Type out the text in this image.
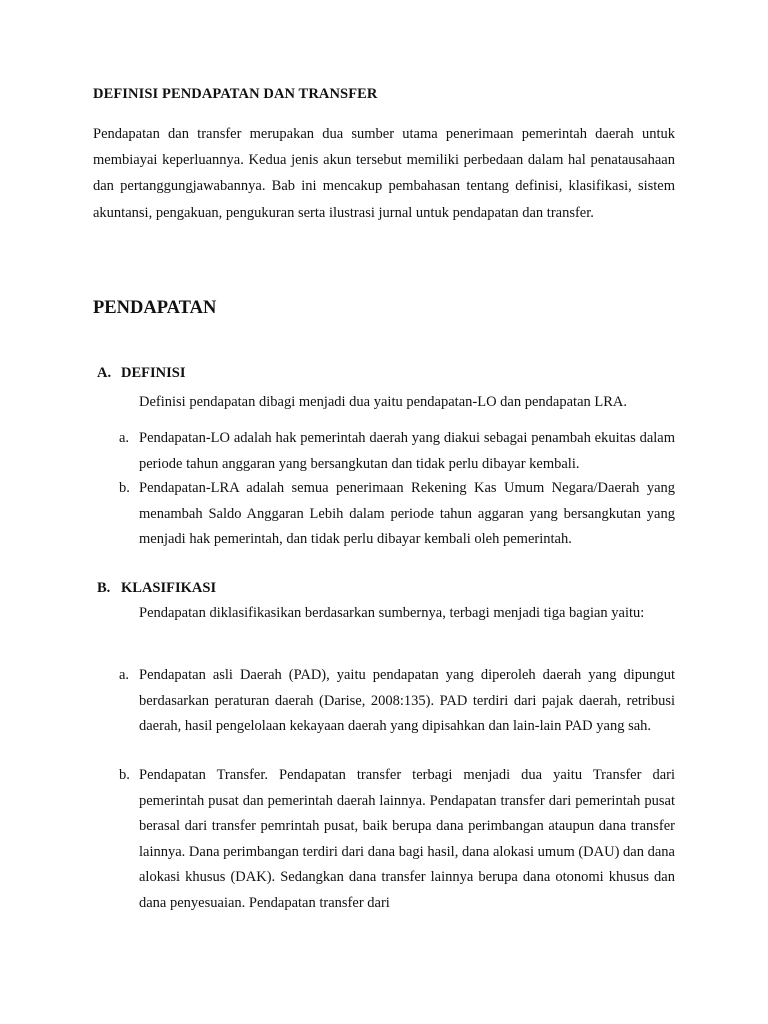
DEFINISI PENDAPATAN DAN TRANSFER

Pendapatan dan transfer merupakan dua sumber utama penerimaan pemerintah daerah untuk membiayai keperluannya. Kedua jenis akun tersebut memiliki perbedaan dalam hal penatausahaan dan pertanggungjawabannya. Bab ini mencakup pembahasan tentang definisi, klasifikasi, sistem akuntansi, pengakuan, pengukuran serta ilustrasi jurnal untuk pendapatan dan transfer.

PENDAPATAN
A. DEFINISI

Definisi pendapatan dibagi menjadi dua yaitu pendapatan-LO dan pendapatan LRA.

a. Pendapatan-LO adalah hak pemerintah daerah yang diakui sebagai penambah ekuitas dalam periode tahun anggaran yang bersangkutan dan tidak perlu dibayar kembali.
b. Pendapatan-LRA adalah semua penerimaan Rekening Kas Umum Negara/Daerah yang menambah Saldo Anggaran Lebih dalam periode tahun aggaran yang bersangkutan yang menjadi hak pemerintah, dan tidak perlu dibayar kembali oleh pemerintah.
B. KLASIFIKASI

Pendapatan diklasifikasikan berdasarkan sumbernya, terbagi menjadi tiga bagian yaitu:

a. Pendapatan asli Daerah (PAD), yaitu pendapatan yang diperoleh daerah yang dipungut berdasarkan peraturan daerah (Darise, 2008:135). PAD terdiri dari pajak daerah, retribusi daerah, hasil pengelolaan kekayaan daerah yang dipisahkan dan lain-lain PAD yang sah.
b. Pendapatan Transfer. Pendapatan transfer terbagi menjadi dua yaitu Transfer dari pemerintah pusat dan pemerintah daerah lainnya. Pendapatan transfer dari pemerintah pusat berasal dari transfer pemrintah pusat, baik berupa dana perimbangan ataupun dana transfer lainnya. Dana perimbangan terdiri dari dana bagi hasil, dana alokasi umum (DAU) dan dana alokasi khusus (DAK). Sedangkan dana transfer lainnya berupa dana otonomi khusus dan dana penyesuaian. Pendapatan transfer dari
